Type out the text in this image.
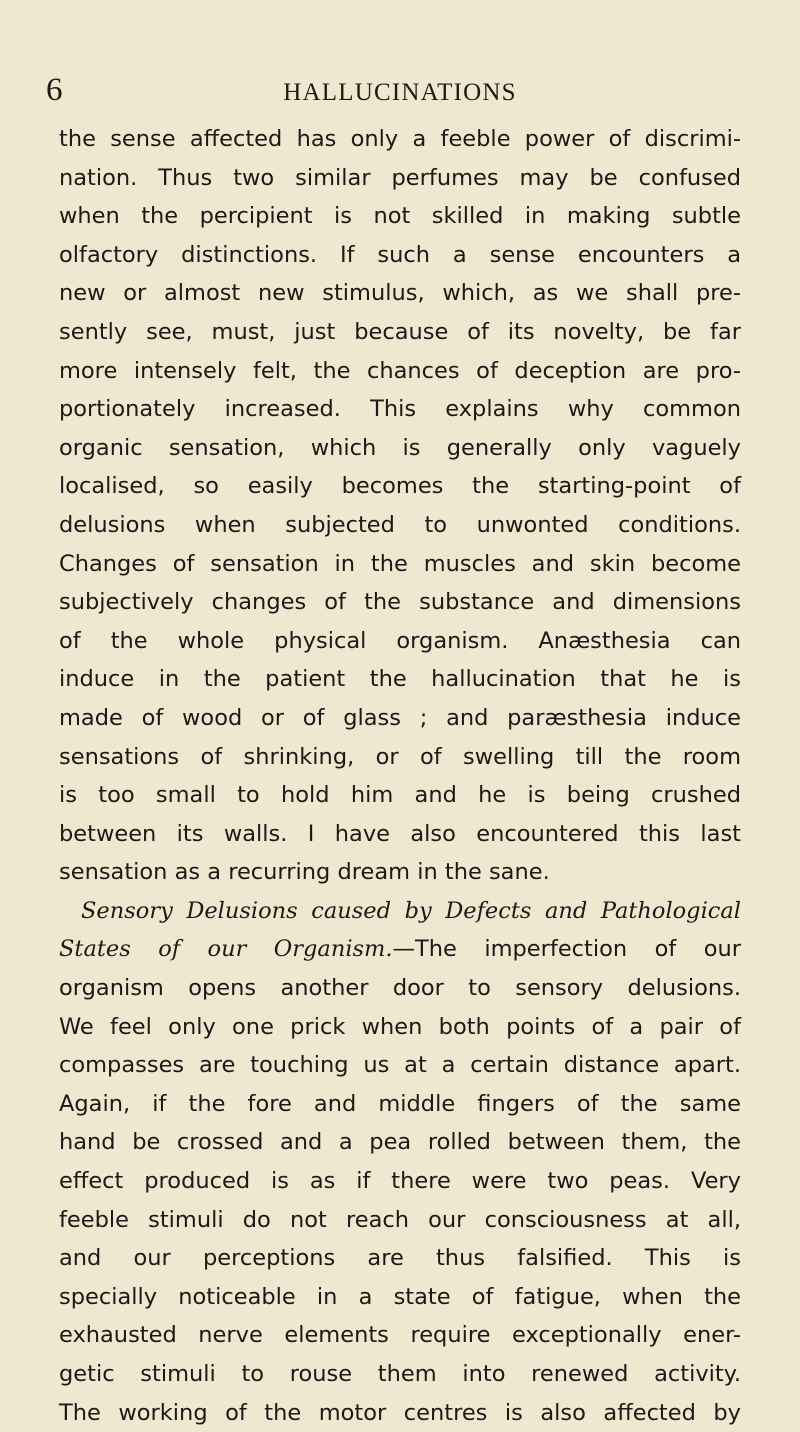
6	HALLUCINATIONS
the sense affected has only a feeble power of discrimi-
nation. Thus two similar perfumes may be confused
when the percipient is not skilled in making subtle
olfactory distinctions. If such a sense encounters a
new or almost new stimulus, which, as we shall pre-
sently see, must, just because of its novelty, be far
more intensely felt, the chances of deception are pro-
portionately increased. This explains why common
organic sensation, which is generally only vaguely
localised, so easily becomes the starting-point of
delusions when subjected to unwonted conditions.
Changes of sensation in the muscles and skin become
subjectively changes of the substance and dimensions
of the whole physical organism. Anæsthesia can
induce in the patient the hallucination that he is
made of wood or of glass ; and paræsthesia induce
sensations of shrinking, or of swelling till the room
is too small to hold him and he is being crushed
between its walls. I have also encountered this last
sensation as a recurring dream in the sane.
Sensory Delusions caused by Defects and Pathological
States of our Organism.—The imperfection of our
organism opens another door to sensory delusions.
We feel only one prick when both points of a pair of
compasses are touching us at a certain distance apart.
Again, if the fore and middle fingers of the same
hand be crossed and a pea rolled between them, the
effect produced is as if there were two peas. Very
feeble stimuli do not reach our consciousness at all,
and our perceptions are thus falsified. This is
specially noticeable in a state of fatigue, when the
exhausted nerve elements require exceptionally ener-
getic stimuli to rouse them into renewed activity.
The working of the motor centres is also affected by
